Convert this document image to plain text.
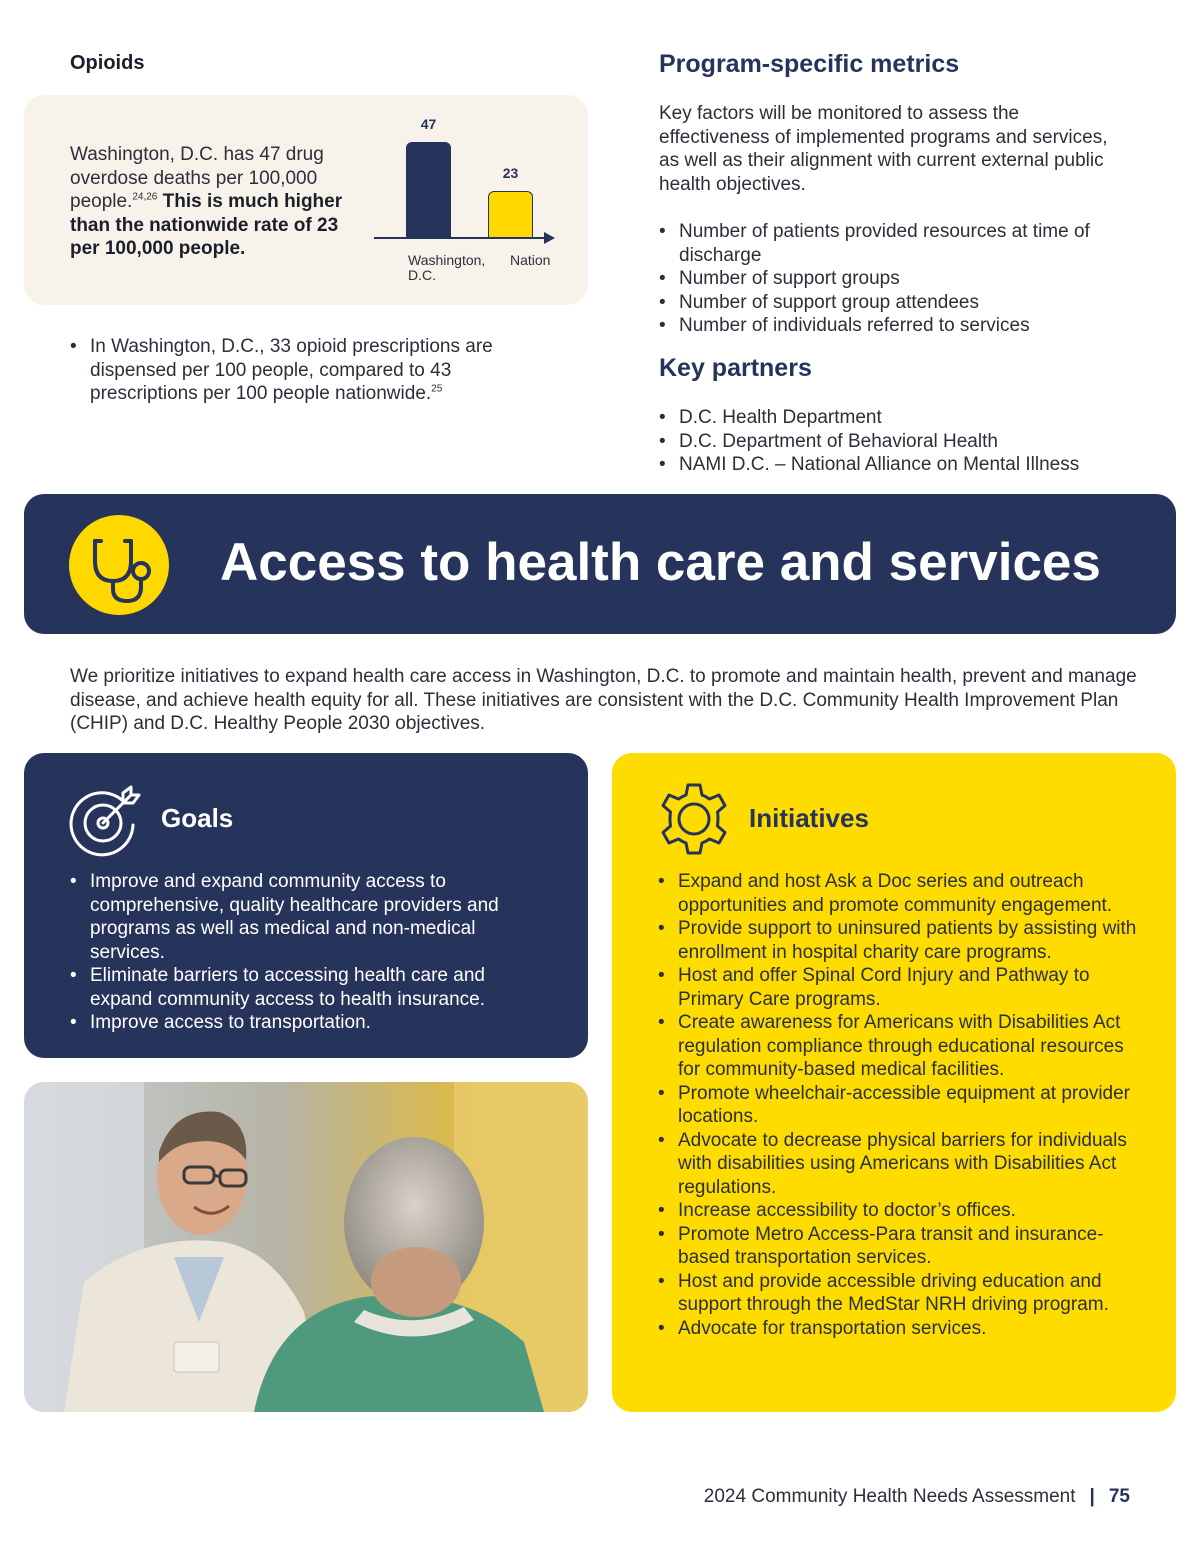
Opioids

Washington, D.C. has 47 drug overdose deaths per 100,000 people.$^{24,26}$ This is much higher than the nationwide rate of 23 per 100,000 people.

47
23
Washington, D.C.
Nation
• In Washington, D.C., 33 opioid prescriptions are dispensed per 100 people, compared to 43 prescriptions per 100 people nationwide.$^{25}$
Program-specific metrics

Key factors will be monitored to assess the effectiveness of implemented programs and services, as well as their alignment with current external public health objectives.

• Number of patients provided resources at time of discharge
• Number of support groups
• Number of support group attendees
• Number of individuals referred to services
Key partners
• D.C. Health Department
• D.C. Department of Behavioral Health
• NAMI D.C. – National Alliance on Mental Illness
Access to health care and services

We prioritize initiatives to expand health care access in Washington, D.C. to promote and maintain health, prevent and manage disease, and achieve health equity for all. These initiatives are consistent with the D.C. Community Health Improvement Plan (CHIP) and D.C. Healthy People 2030 objectives.

Goals
• Improve and expand community access to comprehensive, quality healthcare providers and programs as well as medical and non-medical services.
• Eliminate barriers to accessing health care and expand community access to health insurance.
• Improve access to transportation.
Initiatives
• Expand and host Ask a Doc series and outreach opportunities and promote community engagement.
• Provide support to uninsured patients by assisting with enrollment in hospital charity care programs.
• Host and offer Spinal Cord Injury and Pathway to Primary Care programs.
• Create awareness for Americans with Disabilities Act regulation compliance through educational resources for community-based medical facilities.
• Promote wheelchair-accessible equipment at provider locations.
• Advocate to decrease physical barriers for individuals with disabilities using Americans with Disabilities Act regulations.
• Increase accessibility to doctor’s offices.
• Promote Metro Access-Para transit and insurance-based transportation services.
• Host and provide accessible driving education and support through the MedStar NRH driving program.
• Advocate for transportation services.
2024 Community Health Needs Assessment | 75
